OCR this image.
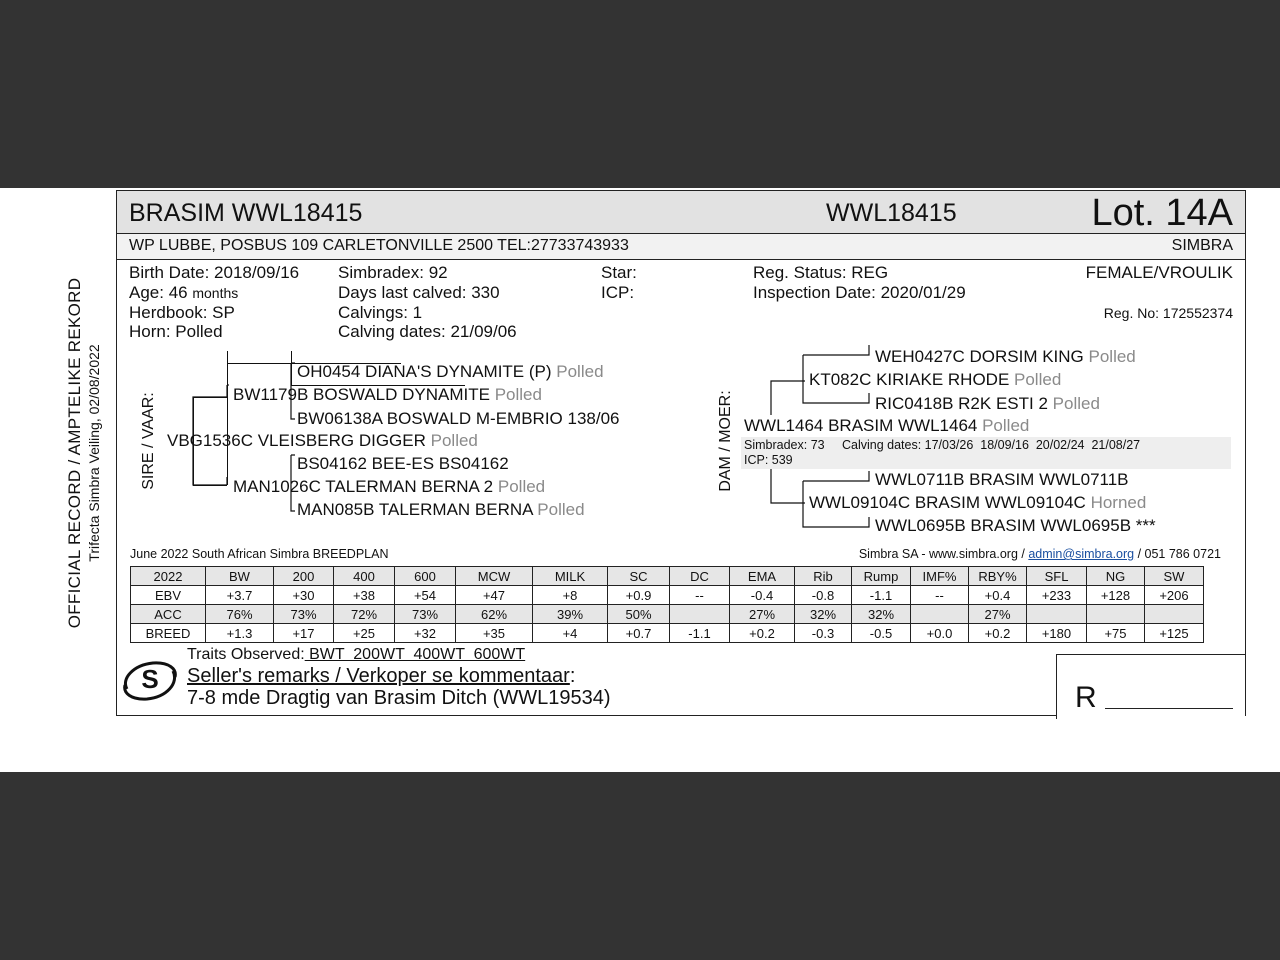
OFFICIAL RECORD / AMPTELIKE REKORD Trifecta Simbra Veiling, 02/08/2022
BRASIM WWL18415	WWL18415	Lot. 14A
WP LUBBE, POSBUS 109 CARLETONVILLE 2500 TEL:27733743933	SIMBRA
Birth Date: 2018/09/16
Age: 46 months
Herdbook: SP
Horn: Polled
Simbradex: 92
Days last calved: 330
Calvings: 1
Calving dates: 21/09/06
Star:
ICP:
Reg. Status: REG
Inspection Date: 2020/01/29
FEMALE/VROULIK
Reg. No: 172552374
SIRE / VAAR: VBG1536C VLEISBERG DIGGER Polled
BW1179B BOSWALD DYNAMITE Polled
OH0454 DIANA'S DYNAMITE (P) Polled
BW06138A BOSWALD M-EMBRIO 138/06
MAN1026C TALERMAN BERNA 2 Polled
BS04162 BEE-ES BS04162
MAN085B TALERMAN BERNA Polled
DAM / MOER:
WEH0427C DORSIM KING Polled
KT082C KIRIAKE RHODE Polled
RIC0418B R2K ESTI 2 Polled
WWL1464 BRASIM WWL1464 Polled
Simbradex: 73     Calving dates: 17/03/26  18/09/16  20/02/24  21/08/27
ICP: 539
WWL0711B BRASIM WWL0711B
WWL09104C BRASIM WWL09104C Horned
WWL0695B BRASIM WWL0695B ***
June 2022 South African Simbra BREEDPLAN	Simbra SA - www.simbra.org / admin@simbra.org / 051 786 0721
2022	BW	200	400	600	MCW	MILK	SC	DC	EMA	Rib	Rump	IMF%	RBY%	SFL	NG	SW
EBV	+3.7	+30	+38	+54	+47	+8	+0.9	--	-0.4	-0.8	-1.1	--	+0.4	+233	+128	+206
ACC	76%	73%	72%	73%	62%	39%	50%		27%	32%	32%		27%			
BREED	+1.3	+17	+25	+32	+35	+4	+0.7	-1.1	+0.2	-0.3	-0.5	+0.0	+0.2	+180	+75	+125
S
Traits Observed: BWT  200WT  400WT  600WT
Seller's remarks / Verkoper se kommentaar:
7-8 mde Dragtig van Brasim Ditch (WWL19534)	R
